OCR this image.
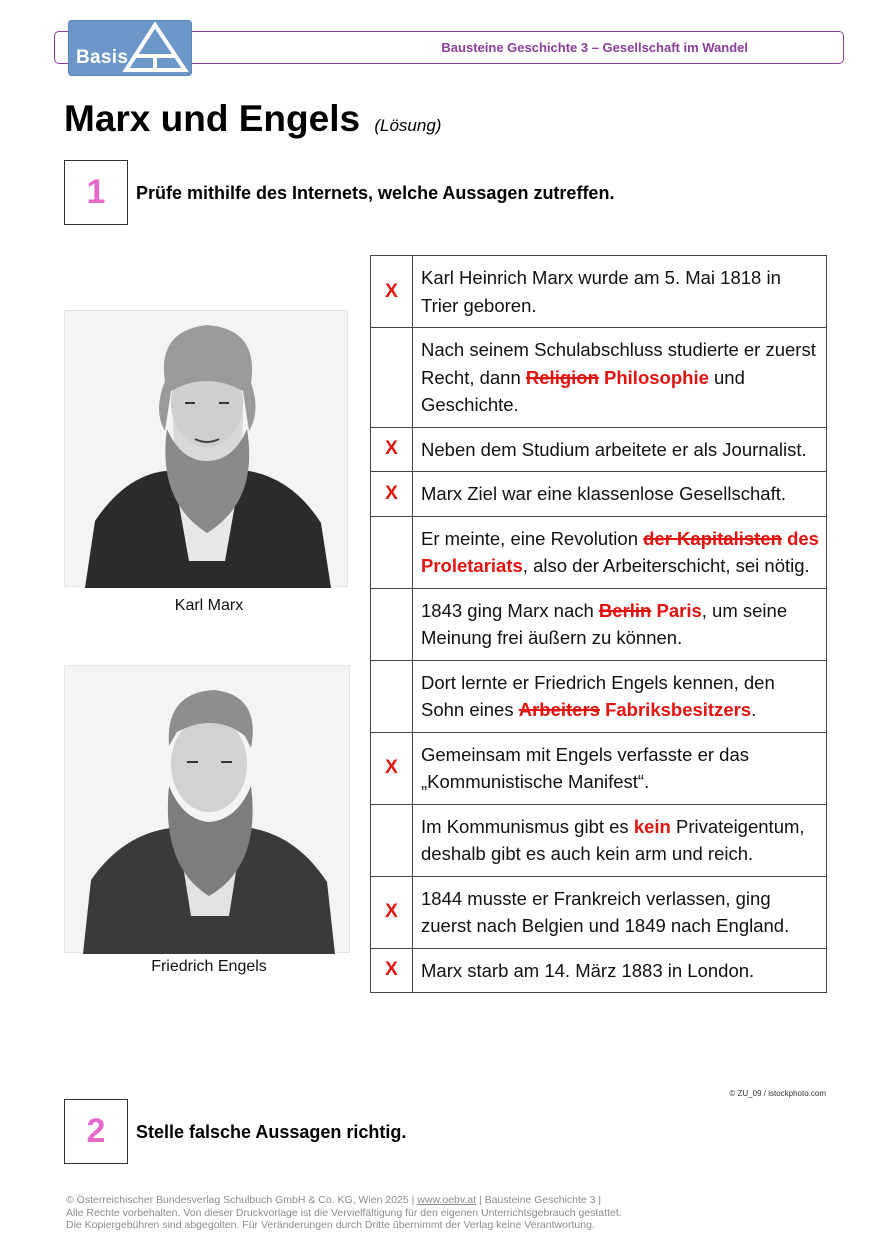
Bausteine Geschichte 3 – Gesellschaft im Wandel
Basis
Marx und Engels (Lösung)
1	Prüfe mithilfe des Internets, welche Aussagen zutreffen.
Karl Marx
Friedrich Engels
X	Karl Heinrich Marx wurde am 5. Mai 1818 in Trier geboren.
	Nach seinem Schulabschluss studierte er zuerst Recht, dann Religion Philosophie und Geschichte.
X	Neben dem Studium arbeitete er als Journalist.
X	Marx Ziel war eine klassenlose Gesellschaft.
	Er meinte, eine Revolution der Kapitalisten des Proletariats, also der Arbeiterschicht, sei nötig.
	1843 ging Marx nach Berlin Paris, um seine Meinung frei äußern zu können.
	Dort lernte er Friedrich Engels kennen, den Sohn eines Arbeiters Fabriksbesitzers.
X	Gemeinsam mit Engels verfasste er das „Kommunistische Manifest“.
	Im Kommunismus gibt es kein Privateigentum, deshalb gibt es auch kein arm und reich.
X	1844 musste er Frankreich verlassen, ging zuerst nach Belgien und 1849 nach England.
X	Marx starb am 14. März 1883 in London.
© ZU_09 / istockphoto.com
2	Stelle falsche Aussagen richtig.
© Österreichischer Bundesverlag Schulbuch GmbH & Co. KG, Wien 2025 | www.oebv.at | Bausteine Geschichte 3 |
Alle Rechte vorbehalten. Von dieser Druckvorlage ist die Vervielfältigung für den eigenen Unterrichtsgebrauch gestattet.
Die Kopiergebühren sind abgegolten. Für Veränderungen durch Dritte übernimmt der Verlag keine Verantwortung.
